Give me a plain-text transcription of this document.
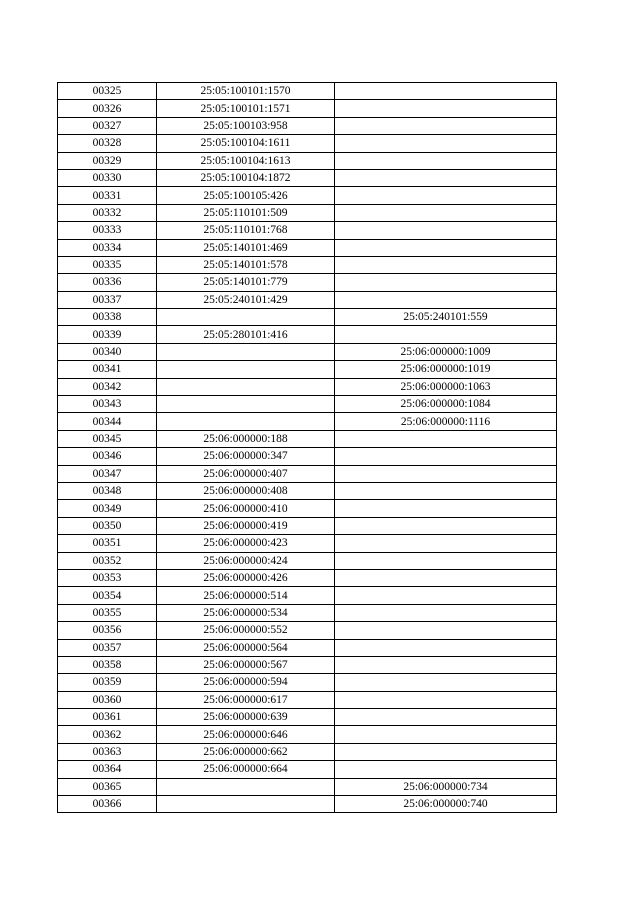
00325	25:05:100101:1570	
00326	25:05:100101:1571	
00327	25:05:100103:958	
00328	25:05:100104:1611	
00329	25:05:100104:1613	
00330	25:05:100104:1872	
00331	25:05:100105:426	
00332	25:05:110101:509	
00333	25:05:110101:768	
00334	25:05:140101:469	
00335	25:05:140101:578	
00336	25:05:140101:779	
00337	25:05:240101:429	
00338		25:05:240101:559
00339	25:05:280101:416	
00340		25:06:000000:1009
00341		25:06:000000:1019
00342		25:06:000000:1063
00343		25:06:000000:1084
00344		25:06:000000:1116
00345	25:06:000000:188	
00346	25:06:000000:347	
00347	25:06:000000:407	
00348	25:06:000000:408	
00349	25:06:000000:410	
00350	25:06:000000:419	
00351	25:06:000000:423	
00352	25:06:000000:424	
00353	25:06:000000:426	
00354	25:06:000000:514	
00355	25:06:000000:534	
00356	25:06:000000:552	
00357	25:06:000000:564	
00358	25:06:000000:567	
00359	25:06:000000:594	
00360	25:06:000000:617	
00361	25:06:000000:639	
00362	25:06:000000:646	
00363	25:06:000000:662	
00364	25:06:000000:664	
00365		25:06:000000:734
00366		25:06:000000:740
